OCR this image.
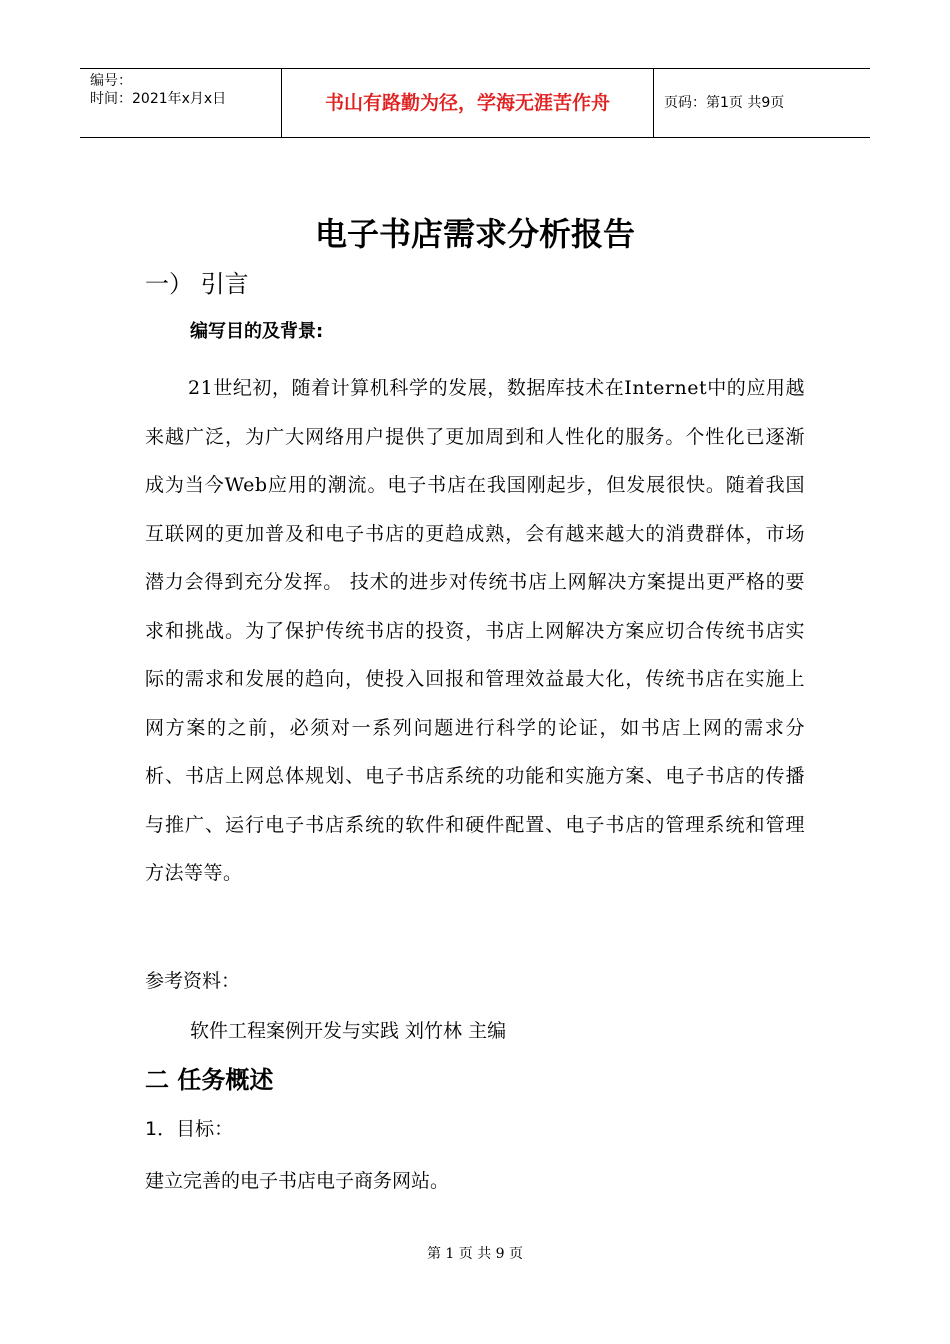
编号：
时间：2021年x月x日	书山有路勤为径，学海无涯苦作舟	页码：第1页 共9页
电子书店需求分析报告
一） 引言
编写目的及背景:

21世纪初，随着计算机科学的发展，数据库技术在Internet中的应用越来越广泛，为广大网络用户提供了更加周到和人性化的服务。个性化已逐渐成为当今Web应用的潮流。电子书店在我国刚起步，但发展很快。随着我国互联网的更加普及和电子书店的更趋成熟，会有越来越大的消费群体，市场潜力会得到充分发挥。 技术的进步对传统书店上网解决方案提出更严格的要求和挑战。为了保护传统书店的投资，书店上网解决方案应切合传统书店实际的需求和发展的趋向，使投入回报和管理效益最大化，传统书店在实施上网方案的之前，必须对一系列问题进行科学的论证，如书店上网的需求分析、书店上网总体规划、电子书店系统的功能和实施方案、电子书店的传播与推广、运行电子书店系统的软件和硬件配置、电子书店的管理系统和管理方法等等。

参考资料：
软件工程案例开发与实践 刘竹林 主编
二 任务概述
1．目标：
建立完善的电子书店电子商务网站。
第 1 页 共 9 页
